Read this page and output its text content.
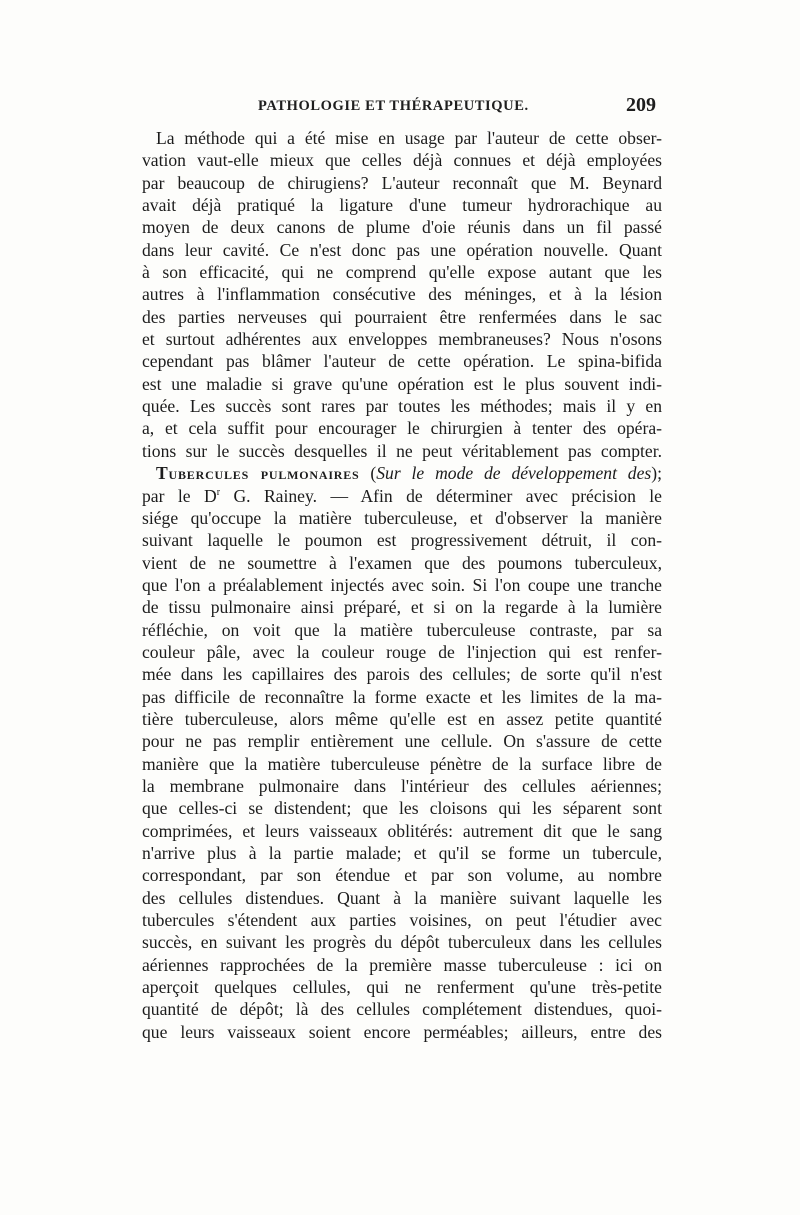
PATHOLOGIE ET THÉRAPEUTIQUE.	209
La méthode qui a été mise en usage par l'auteur de cette obser-
vation vaut-elle mieux que celles déjà connues et déjà employées
par beaucoup de chirugiens? L'auteur reconnaît que M. Beynard
avait déjà pratiqué la ligature d'une tumeur hydrorachique au
moyen de deux canons de plume d'oie réunis dans un fil passé
dans leur cavité. Ce n'est donc pas une opération nouvelle. Quant
à son efficacité, qui ne comprend qu'elle expose autant que les
autres à l'inflammation consécutive des méninges, et à la lésion
des parties nerveuses qui pourraient être renfermées dans le sac
et surtout adhérentes aux enveloppes membraneuses? Nous n'osons
cependant pas blâmer l'auteur de cette opération. Le spina-bifida
est une maladie si grave qu'une opération est le plus souvent indi-
quée. Les succès sont rares par toutes les méthodes; mais il y en
a, et cela suffit pour encourager le chirurgien à tenter des opéra-
tions sur le succès desquelles il ne peut véritablement pas compter.
Tubercules pulmonaires (Sur le mode de développement des);
par le $D^r$ G. Rainey. — Afin de déterminer avec précision le
siége qu'occupe la matière tuberculeuse, et d'observer la manière
suivant laquelle le poumon est progressivement détruit, il con-
vient de ne soumettre à l'examen que des poumons tuberculeux,
que l'on a préalablement injectés avec soin. Si l'on coupe une tranche
de tissu pulmonaire ainsi préparé, et si on la regarde à la lumière
réfléchie, on voit que la matière tuberculeuse contraste, par sa
couleur pâle, avec la couleur rouge de l'injection qui est renfer-
mée dans les capillaires des parois des cellules; de sorte qu'il n'est
pas difficile de reconnaître la forme exacte et les limites de la ma-
tière tuberculeuse, alors même qu'elle est en assez petite quantité
pour ne pas remplir entièrement une cellule. On s'assure de cette
manière que la matière tuberculeuse pénètre de la surface libre de
la membrane pulmonaire dans l'intérieur des cellules aériennes;
que celles-ci se distendent; que les cloisons qui les séparent sont
comprimées, et leurs vaisseaux oblitérés: autrement dit que le sang
n'arrive plus à la partie malade; et qu'il se forme un tubercule,
correspondant, par son étendue et par son volume, au nombre
des cellules distendues. Quant à la manière suivant laquelle les
tubercules s'étendent aux parties voisines, on peut l'étudier avec
succès, en suivant les progrès du dépôt tuberculeux dans les cellules
aériennes rapprochées de la première masse tuberculeuse : ici on
aperçoit quelques cellules, qui ne renferment qu'une très-petite
quantité de dépôt; là des cellules complétement distendues, quoi-
que leurs vaisseaux soient encore perméables; ailleurs, entre des
